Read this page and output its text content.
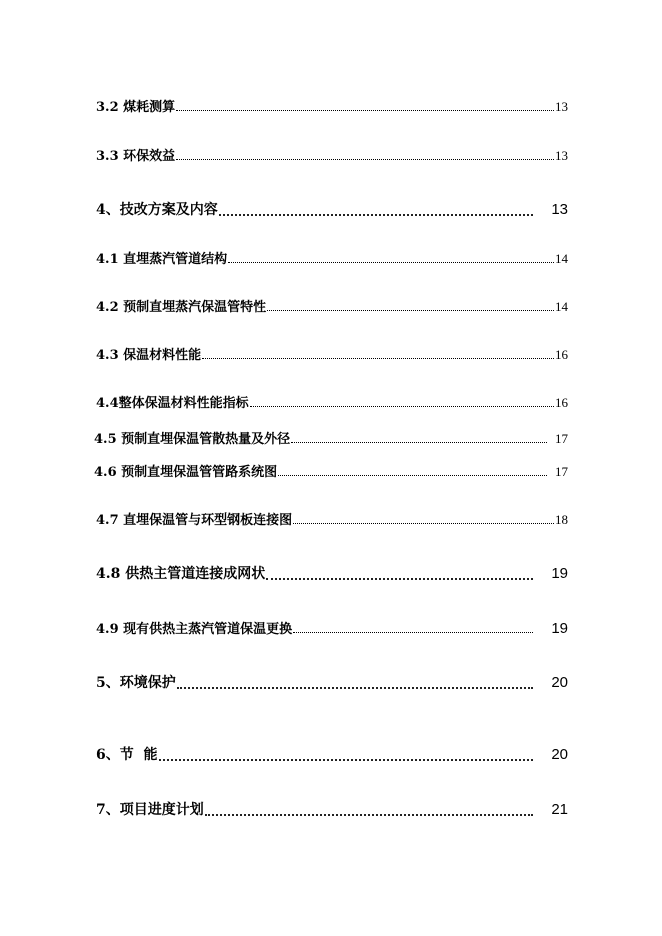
3.2 煤耗测算	13
3.3 环保效益	13
4、技改方案及内容	13
4.1 直埋蒸汽管道结构	14
4.2 预制直埋蒸汽保温管特性	14
4.3 保温材料性能	16
4.4整体保温材料性能指标	16
4.5 预制直埋保温管散热量及外径	17
4.6 预制直埋保温管管路系统图	17
4.7 直埋保温管与环型钢板连接图	18
4.8 供热主管道连接成网状	19
4.9 现有供热主蒸汽管道保温更换	19
5、环境保护	20
6、节  能	20
7、项目进度计划	21
